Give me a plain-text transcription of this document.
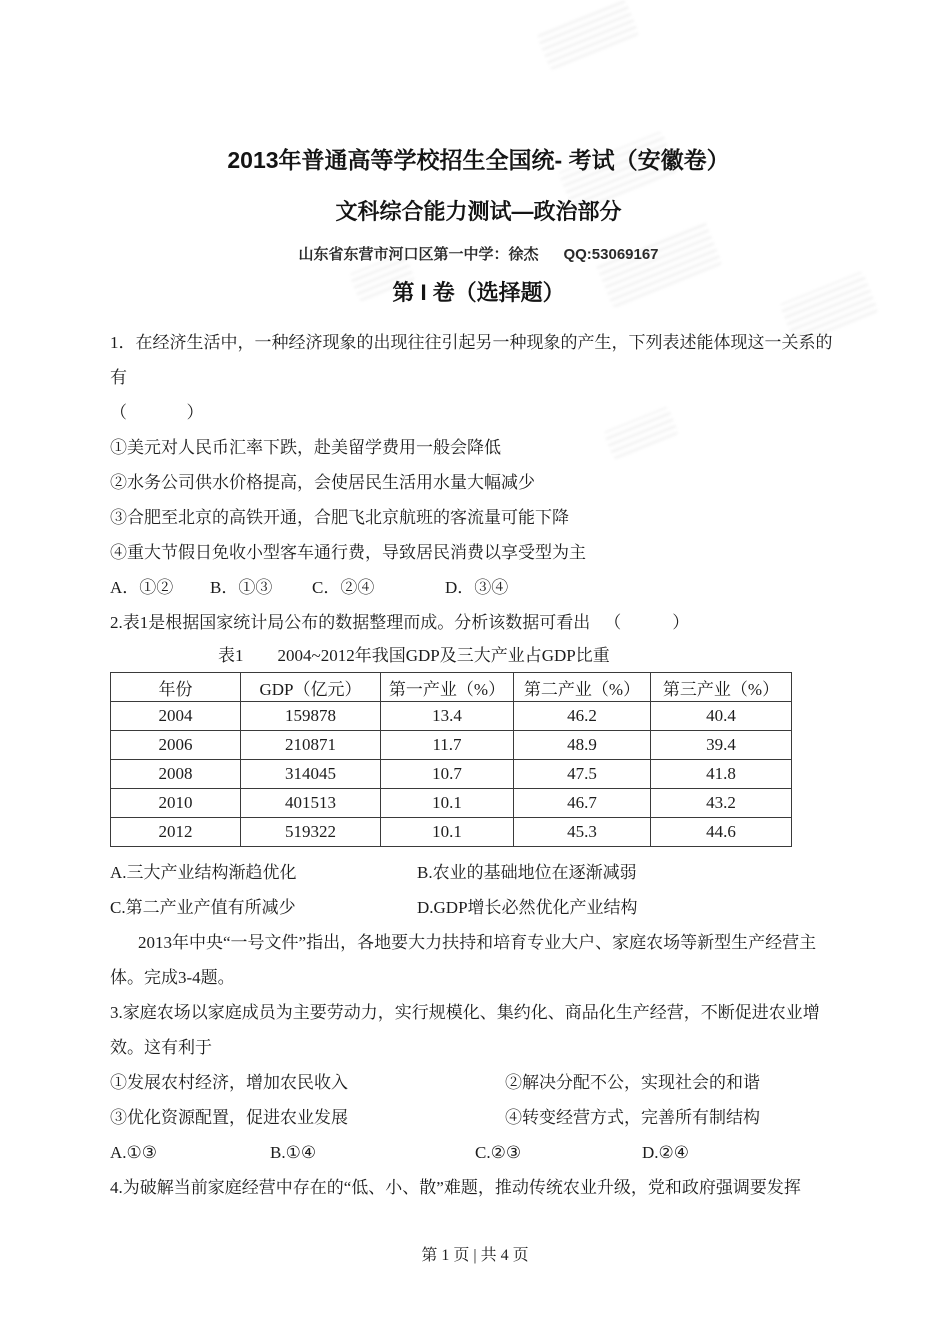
2013年普通高等学校招生全国统- 考试（安徽卷）
文科综合能力测试—政治部分
山东省东营市河口区第一中学：徐杰      QQ:53069167
第 I 卷（选择题）

1．在经济生活中，一种经济现象的出现往往引起另一种现象的产生，下列表述能体现这一关系的

有

（              ）

①美元对人民币汇率下跌，赴美留学费用一般会降低

②水务公司供水价格提高，会使居民生活用水量大幅减少

③合肥至北京的高铁开通，合肥飞北京航班的客流量可能下降

④重大节假日免收小型客车通行费，导致居民消费以享受型为主

A．①② B．①③ C．②④	D．③④

2.表1是根据国家统计局公布的数据整理而成。分析该数据可看出 （            ）

表1        2004~2012年我国GDP及三大产业占GDP比重

年份	GDP（亿元）	第一产业（%）	第二产业（%）	第三产业（%）
2004	159878	13.4	46.2	40.4
2006	210871	11.7	48.9	39.4
2008	314045	10.7	47.5	41.8
2010	401513	10.1	46.7	43.2
2012	519322	10.1	45.3	44.6

A.三大产业结构渐趋优化	B.农业的基础地位在逐渐减弱

C.第二产业产值有所减少	D.GDP增长必然优化产业结构

2013年中央“一号文件”指出，各地要大力扶持和培育专业大户、家庭农场等新型生产经营主

体。完成3-4题。

3.家庭农场以家庭成员为主要劳动力，实行规模化、集约化、商品化生产经营，不断促进农业增

效。这有利于

①发展农村经济，增加农民收入	②解决分配不公，实现社会的和谐

③优化资源配置，促进农业发展	④转变经营方式，完善所有制结构

A.①③	B.①④	C.②③	D.②④

4.为破解当前家庭经营中存在的“低、小、散”难题，推动传统农业升级，党和政府强调要发挥

第 1 页 | 共 4 页
